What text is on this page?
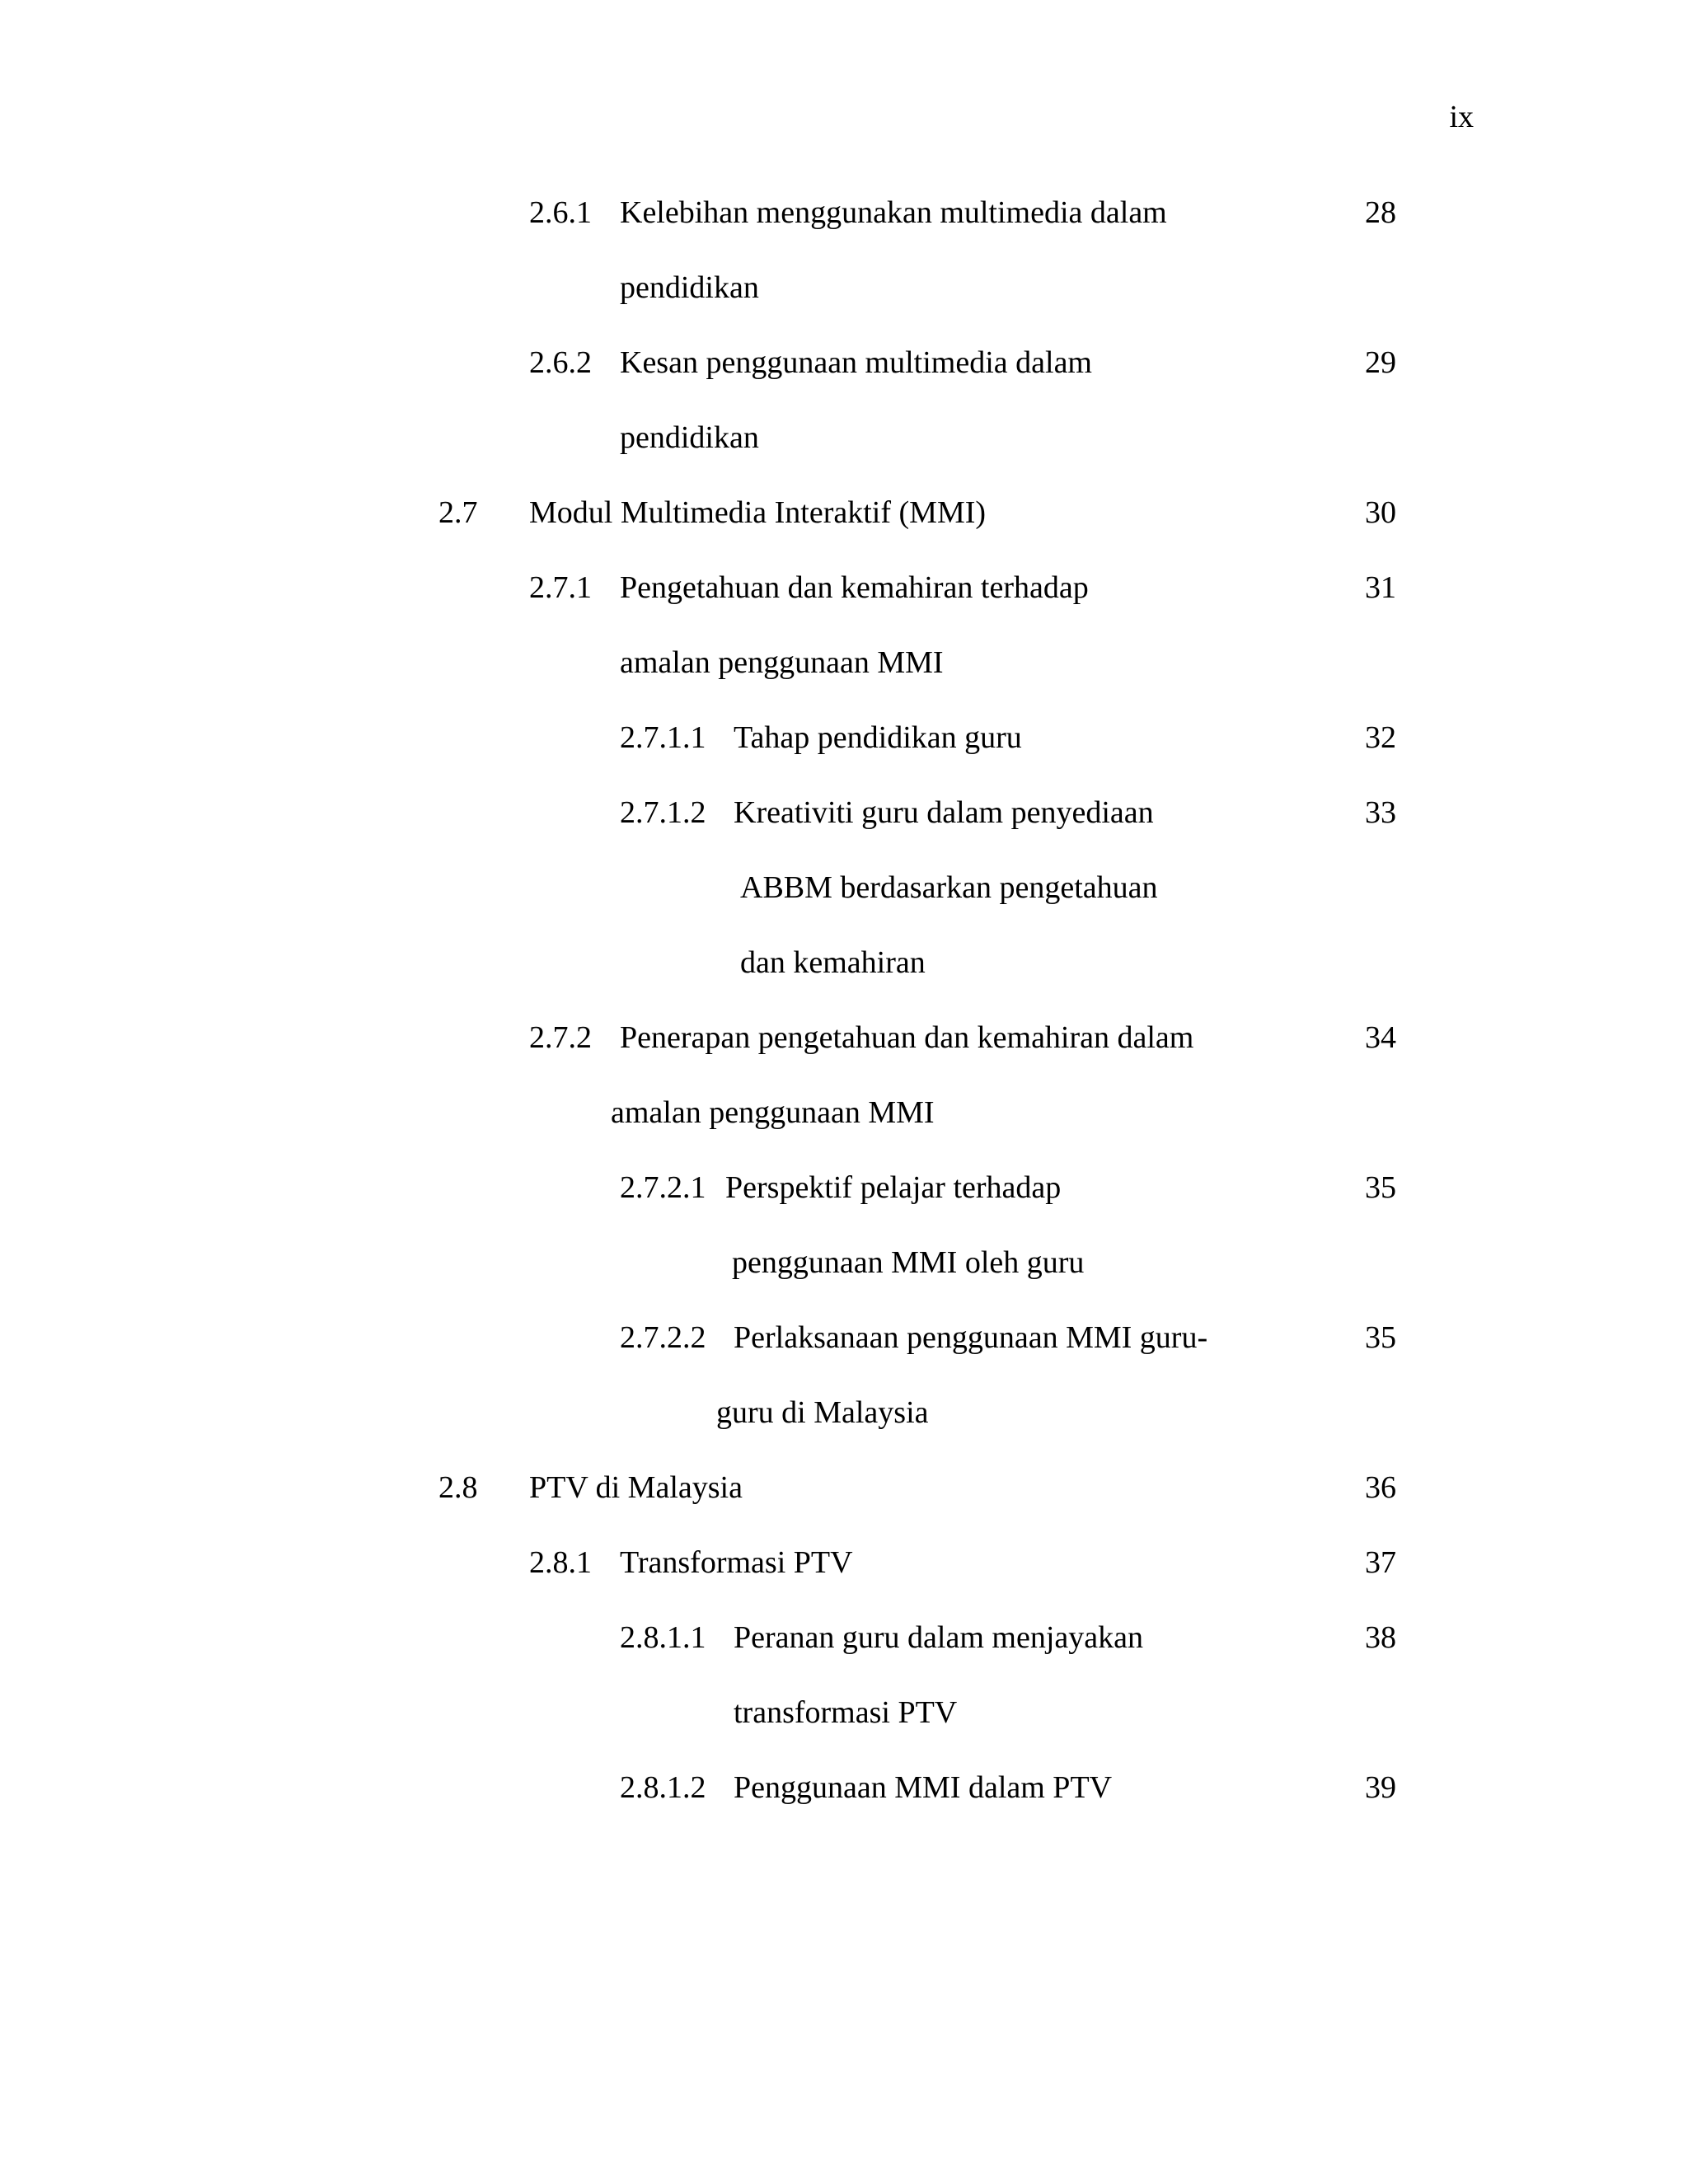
ix
2.6.1 Kelebihan menggunakan multimedia dalam	28
pendidikan
2.6.2 Kesan penggunaan multimedia dalam	29
pendidikan
2.7 Modul Multimedia Interaktif (MMI)	30
2.7.1 Pengetahuan dan kemahiran terhadap	31
amalan penggunaan MMI
2.7.1.1 Tahap pendidikan guru	32
2.7.1.2 Kreativiti guru dalam penyediaan	33
ABBM berdasarkan pengetahuan
dan kemahiran
2.7.2 Penerapan pengetahuan dan kemahiran dalam	34
amalan penggunaan MMI
2.7.2.1 Perspektif pelajar terhadap	35
penggunaan MMI oleh guru
2.7.2.2 Perlaksanaan penggunaan MMI guru-	35
guru di Malaysia
2.8 PTV di Malaysia	36
2.8.1 Transformasi PTV	37
2.8.1.1 Peranan guru dalam menjayakan	38
transformasi PTV
2.8.1.2 Penggunaan MMI dalam PTV	39
